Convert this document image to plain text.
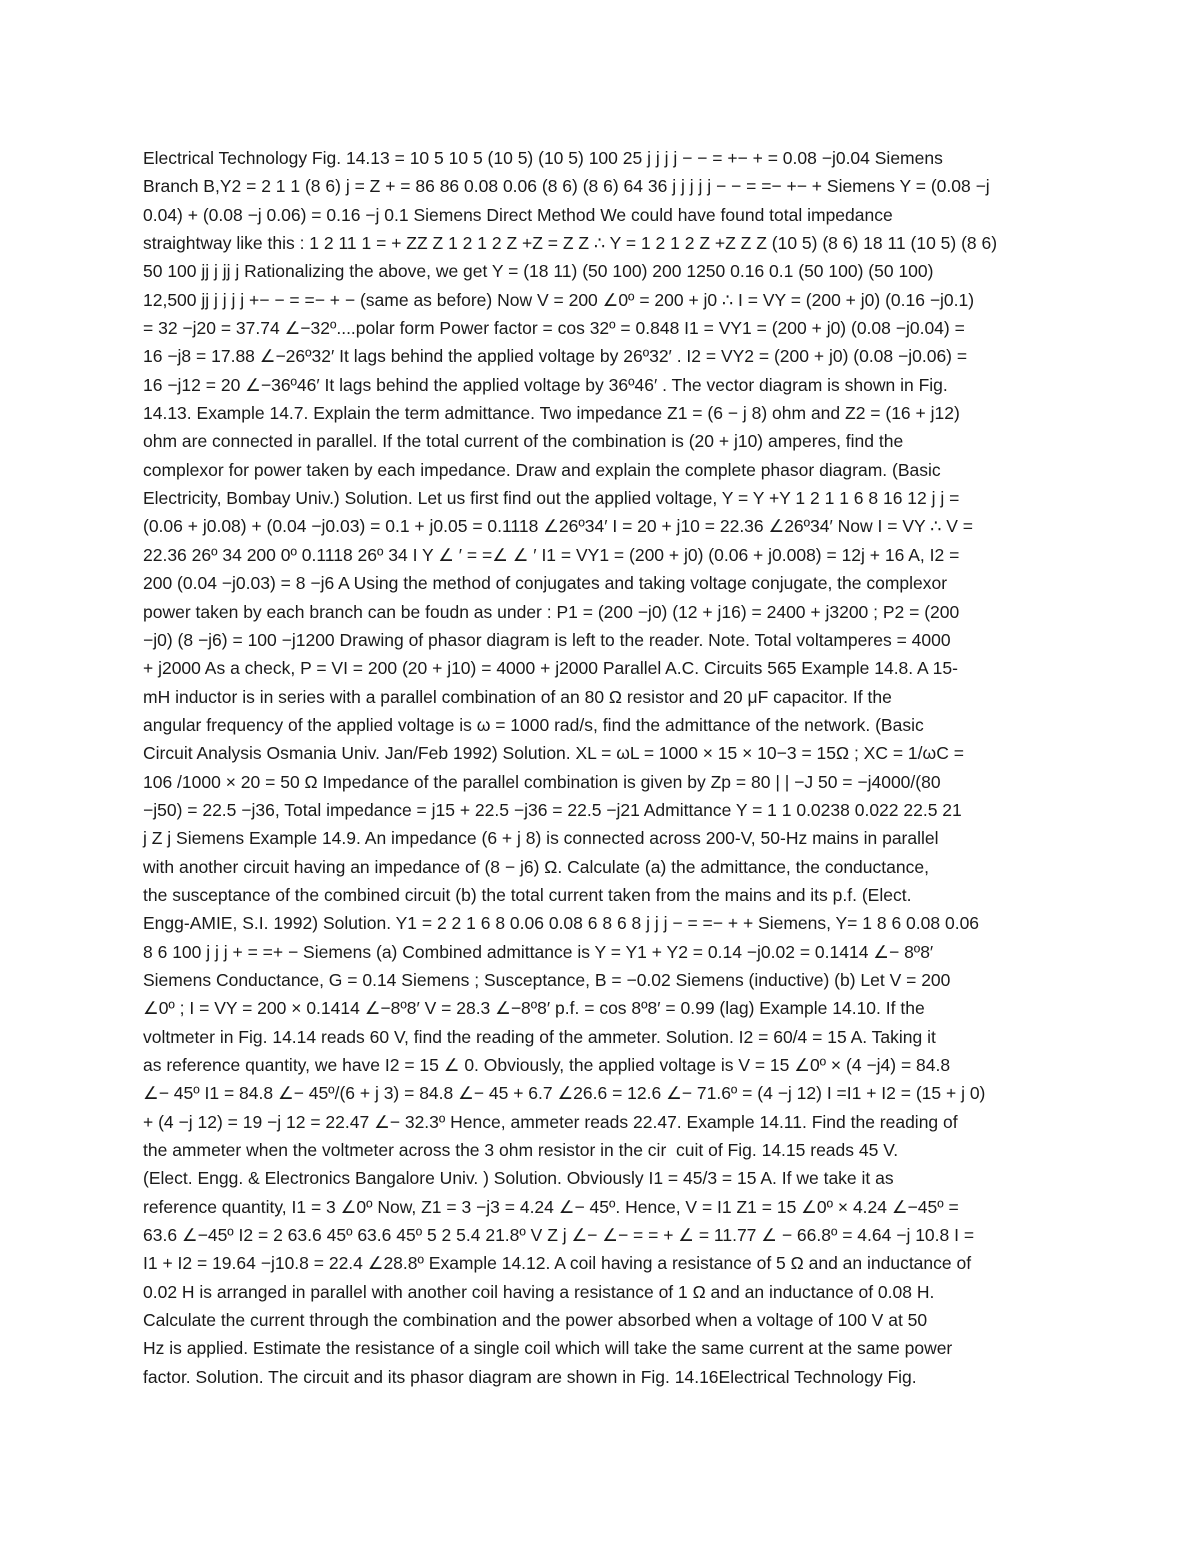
Electrical Technology Fig. 14.13 = 10 5 10 5 (10 5) (10 5) 100 25 j j j j − − = +− + = 0.08 −j0.04 Siemens
Branch B,Y2 = 2 1 1 (8 6) j = Z + = 86 86 0.08 0.06 (8 6) (8 6) 64 36 j j j j j − − = =− +− + Siemens Y = (0.08 −j
0.04) + (0.08 −j 0.06) = 0.16 −j 0.1 Siemens Direct Method We could have found total impedance
straightway like this : 1 2 11 1 = + ZZ Z 1 2 1 2 Z +Z = Z Z ∴ Y = 1 2 1 2 Z +Z Z Z (10 5) (8 6) 18 11 (10 5) (8 6)
50 100 jj j jj j Rationalizing the above, we get Y = (18 11) (50 100) 200 1250 0.16 0.1 (50 100) (50 100)
12,500 jj j j j j +− − = =− + − (same as before) Now V = 200 ∠0º = 200 + j0 ∴ I = VY = (200 + j0) (0.16 −j0.1)
= 32 −j20 = 37.74 ∠−32º....polar form Power factor = cos 32º = 0.848 I1 = VY1 = (200 + j0) (0.08 −j0.04) =
16 −j8 = 17.88 ∠−26º32′ It lags behind the applied voltage by 26º32′ . I2 = VY2 = (200 + j0) (0.08 −j0.06) =
16 −j12 = 20 ∠−36º46′ It lags behind the applied voltage by 36º46′ . The vector diagram is shown in Fig.
14.13. Example 14.7. Explain the term admittance. Two impedance Z1 = (6 − j 8) ohm and Z2 = (16 + j12)
ohm are connected in parallel. If the total current of the combination is (20 + j10) amperes, find the
complexor for power taken by each impedance. Draw and explain the complete phasor diagram. (Basic
Electricity, Bombay Univ.) Solution. Let us first find out the applied voltage, Y = Y +Y 1 2 1 1 6 8 16 12 j j =
(0.06 + j0.08) + (0.04 −j0.03) = 0.1 + j0.05 = 0.1118 ∠26º34′ I = 20 + j10 = 22.36 ∠26º34′ Now I = VY ∴ V =
22.36 26º 34 200 0º 0.1118 26º 34 I Y ∠ ′ = =∠ ∠ ′ I1 = VY1 = (200 + j0) (0.06 + j0.008) = 12j + 16 A, I2 =
200 (0.04 −j0.03) = 8 −j6 A Using the method of conjugates and taking voltage conjugate, the complexor
power taken by each branch can be foudn as under : P1 = (200 −j0) (12 + j16) = 2400 + j3200 ; P2 = (200
−j0) (8 −j6) = 100 −j1200 Drawing of phasor diagram is left to the reader. Note. Total voltamperes = 4000
+ j2000 As a check, P = VI = 200 (20 + j10) = 4000 + j2000 Parallel A.C. Circuits 565 Example 14.8. A 15-
mH inductor is in series with a parallel combination of an 80 Ω resistor and 20 μF capacitor. If the
angular frequency of the applied voltage is ω = 1000 rad/s, find the admittance of the network. (Basic
Circuit Analysis Osmania Univ. Jan/Feb 1992) Solution. XL = ωL = 1000 × 15 × 10−3 = 15Ω ; XC = 1/ωC =
106 /1000 × 20 = 50 Ω Impedance of the parallel combination is given by Zp = 80 | | −J 50 = −j4000/(80
−j50) = 22.5 −j36, Total impedance = j15 + 22.5 −j36 = 22.5 −j21 Admittance Y = 1 1 0.0238 0.022 22.5 21
j Z j Siemens Example 14.9. An impedance (6 + j 8) is connected across 200-V, 50-Hz mains in parallel
with another circuit having an impedance of (8 − j6) Ω. Calculate (a) the admittance, the conductance,
the susceptance of the combined circuit (b) the total current taken from the mains and its p.f. (Elect.
Engg-AMIE, S.I. 1992) Solution. Y1 = 2 2 1 6 8 0.06 0.08 6 8 6 8 j j j − = =− + + Siemens, Y= 1 8 6 0.08 0.06
8 6 100 j j j + = =+ − Siemens (a) Combined admittance is Y = Y1 + Y2 = 0.14 −j0.02 = 0.1414 ∠− 8º8′
Siemens Conductance, G = 0.14 Siemens ; Susceptance, B = −0.02 Siemens (inductive) (b) Let V = 200
∠0º ; I = VY = 200 × 0.1414 ∠−8º8′ V = 28.3 ∠−8º8′ p.f. = cos 8º8′ = 0.99 (lag) Example 14.10. If the
voltmeter in Fig. 14.14 reads 60 V, find the reading of the ammeter. Solution. I2 = 60/4 = 15 A. Taking it
as reference quantity, we have I2 = 15 ∠ 0. Obviously, the applied voltage is V = 15 ∠0º × (4 −j4) = 84.8
∠− 45º I1 = 84.8 ∠− 45º/(6 + j 3) = 84.8 ∠− 45 + 6.7 ∠26.6 = 12.6 ∠− 71.6º = (4 −j 12) I =I1 + I2 = (15 + j 0)
+ (4 −j 12) = 19 −j 12 = 22.47 ∠− 32.3º Hence, ammeter reads 22.47. Example 14.11. Find the reading of
the ammeter when the voltmeter across the 3 ohm resistor in the cir  cuit of Fig. 14.15 reads 45 V.
(Elect. Engg. & Electronics Bangalore Univ. ) Solution. Obviously I1 = 45/3 = 15 A. If we take it as
reference quantity, I1 = 3 ∠0º Now, Z1 = 3 −j3 = 4.24 ∠− 45º. Hence, V = I1 Z1 = 15 ∠0º × 4.24 ∠−45º =
63.6 ∠−45º I2 = 2 63.6 45º 63.6 45º 5 2 5.4 21.8º V Z j ∠− ∠− = = + ∠ = 11.77 ∠ − 66.8º = 4.64 −j 10.8 I =
I1 + I2 = 19.64 −j10.8 = 22.4 ∠28.8º Example 14.12. A coil having a resistance of 5 Ω and an inductance of
0.02 H is arranged in parallel with another coil having a resistance of 1 Ω and an inductance of 0.08 H.
Calculate the current through the combination and the power absorbed when a voltage of 100 V at 50
Hz is applied. Estimate the resistance of a single coil which will take the same current at the same power
factor. Solution. The circuit and its phasor diagram are shown in Fig. 14.16Electrical Technology Fig.
